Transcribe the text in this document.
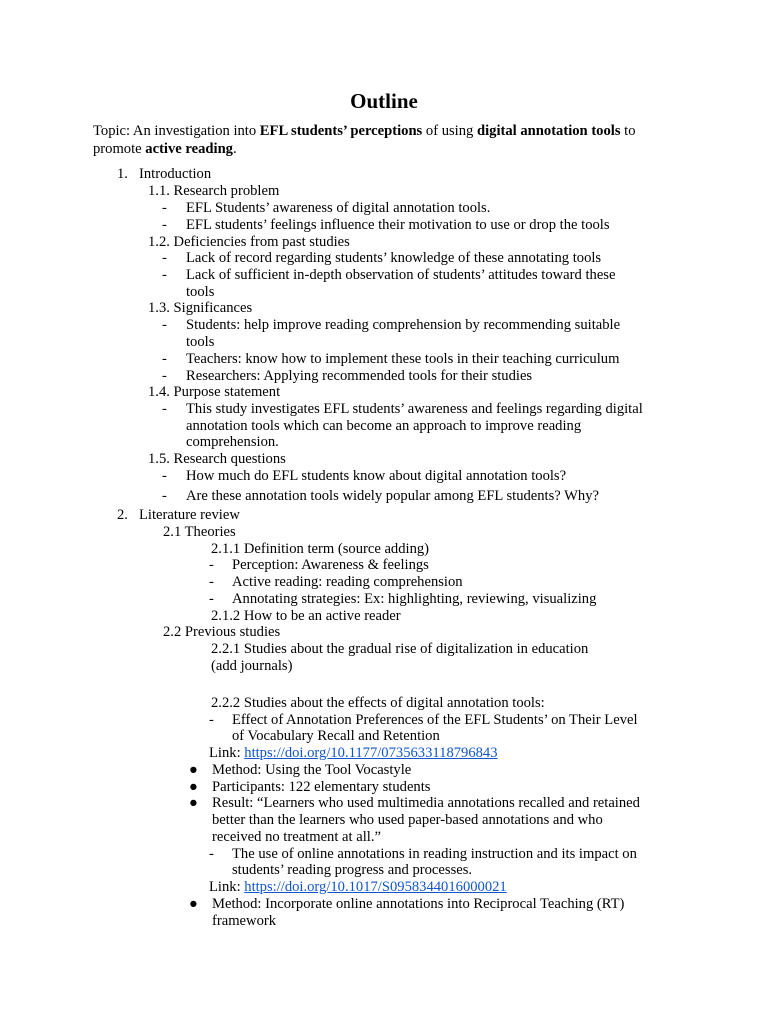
Outline
Topic: An investigation into EFL students’ perceptions of using digital annotation tools to promote active reading.
1. Introduction
1.1. Research problem
- EFL Students’ awareness of digital annotation tools.
- EFL students’ feelings influence their motivation to use or drop the tools
1.2. Deficiencies from past studies
- Lack of record regarding students’ knowledge of these annotating tools
- Lack of sufficient in-depth observation of students’ attitudes toward these
tools
1.3. Significances
- Students: help improve reading comprehension by recommending suitable
tools
- Teachers: know how to implement these tools in their teaching curriculum
- Researchers: Applying recommended tools for their studies
1.4. Purpose statement
- This study investigates EFL students’ awareness and feelings regarding digital
annotation tools which can become an approach to improve reading
comprehension.
1.5. Research questions
- How much do EFL students know about digital annotation tools?
- Are these annotation tools widely popular among EFL students? Why?
2. Literature review
2.1 Theories
2.1.1 Definition term (source adding)
- Perception: Awareness & feelings
- Active reading: reading comprehension
- Annotating strategies: Ex: highlighting, reviewing, visualizing
2.1.2 How to be an active reader
2.2 Previous studies
2.2.1 Studies about the gradual rise of digitalization in education
(add journals)
2.2.2 Studies about the effects of digital annotation tools:
- Effect of Annotation Preferences of the EFL Students’ on Their Level
of Vocabulary Recall and Retention
Link: https://doi.org/10.1177/0735633118796843
● Method: Using the Tool Vocastyle
● Participants: 122 elementary students
● Result: “Learners who used multimedia annotations recalled and retained
better than the learners who used paper-based annotations and who
received no treatment at all.”
- The use of online annotations in reading instruction and its impact on
students’ reading progress and processes.
Link: https://doi.org/10.1017/S0958344016000021
● Method: Incorporate online annotations into Reciprocal Teaching (RT)
framework
